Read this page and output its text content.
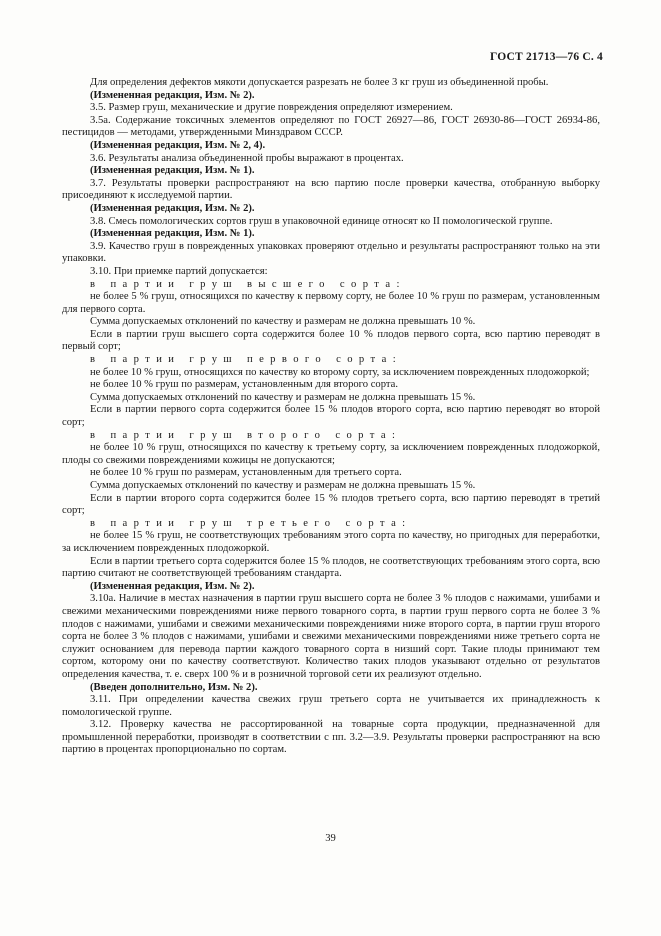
ГОСТ 21713—76 С. 4

Для определения дефектов мякоти допускается разрезать не более 3 кг груш из объединенной пробы.

(Измененная редакция, Изм. № 2).

3.5. Размер груш, механические и другие повреждения определяют измерением.

3.5а. Содержание токсичных элементов определяют по ГОСТ 26927—86, ГОСТ 26930-86—ГОСТ 26934-86, пестицидов — методами, утвержденными Минздравом СССР.

(Измененная редакция, Изм. № 2, 4).

3.6. Результаты анализа объединенной пробы выражают в процентах.

(Измененная редакция, Изм. № 1).

3.7. Результаты проверки распространяют на всю партию после проверки качества, отобранную выборку присоединяют к исследуемой партии.

(Измененная редакция, Изм. № 2).

3.8. Смесь помологических сортов груш в упаковочной единице относят ко II помологической группе.

(Измененная редакция, Изм. № 1).

3.9. Качество груш в поврежденных упаковках проверяют отдельно и результаты распространяют только на эти упаковки.

3.10. При приемке партий допускается:

в партии груш высшего сорта:

не более 5 % груш, относящихся по качеству к первому сорту, не более 10 % груш по размерам, установленным для первого сорта.

Сумма допускаемых отклонений по качеству и размерам не должна превышать 10 %.

Если в партии груш высшего сорта содержится более 10 % плодов первого сорта, всю партию переводят в первый сорт;

в партии груш первого сорта:

не более 10 % груш, относящихся по качеству ко второму сорту, за исключением поврежденных плодожоркой;

не более 10 % груш по размерам, установленным для второго сорта.

Сумма допускаемых отклонений по качеству и размерам не должна превышать 15 %.

Если в партии первого сорта содержится более 15 % плодов второго сорта, всю партию переводят во второй сорт;

в партии груш второго сорта:

не более 10 % груш, относящихся по качеству к третьему сорту, за исключением поврежденных плодожоркой, плоды со свежими повреждениями кожицы не допускаются;

не более 10 % груш по размерам, установленным для третьего сорта.

Сумма допускаемых отклонений по качеству и размерам не должна превышать 15 %.

Если в партии второго сорта содержится более 15 % плодов третьего сорта, всю партию переводят в третий сорт;

в партии груш третьего сорта:

не более 15 % груш, не соответствующих требованиям этого сорта по качеству, но пригодных для переработки, за исключением поврежденных плодожоркой.

Если в партии третьего сорта содержится более 15 % плодов, не соответствующих требованиям этого сорта, всю партию считают не соответствующей требованиям стандарта.

(Измененная редакция, Изм. № 2).

3.10а. Наличие в местах назначения в партии груш высшего сорта не более 3 % плодов с нажимами, ушибами и свежими механическими повреждениями ниже первого товарного сорта, в партии груш первого сорта не более 3 % плодов с нажимами, ушибами и свежими механическими повреждениями ниже второго сорта, в партии груш второго сорта не более 3 % плодов с нажимами, ушибами и свежими механическими повреждениями ниже третьего сорта не служит основанием для перевода партии каждого товарного сорта в низший сорт. Такие плоды принимают тем сортом, которому они по качеству соответствуют. Количество таких плодов указывают отдельно от результатов определения качества, т. е. сверх 100 % и в розничной торговой сети их реализуют отдельно.

(Введен дополнительно, Изм. № 2).

3.11. При определении качества свежих груш третьего сорта не учитывается их принадлежность к помологической группе.

3.12. Проверку качества не рассортированной на товарные сорта продукции, предназначенной для промышленной переработки, производят в соответствии с пп. 3.2—3.9. Результаты проверки распространяют на всю партию в процентах пропорционально по сортам.

39
